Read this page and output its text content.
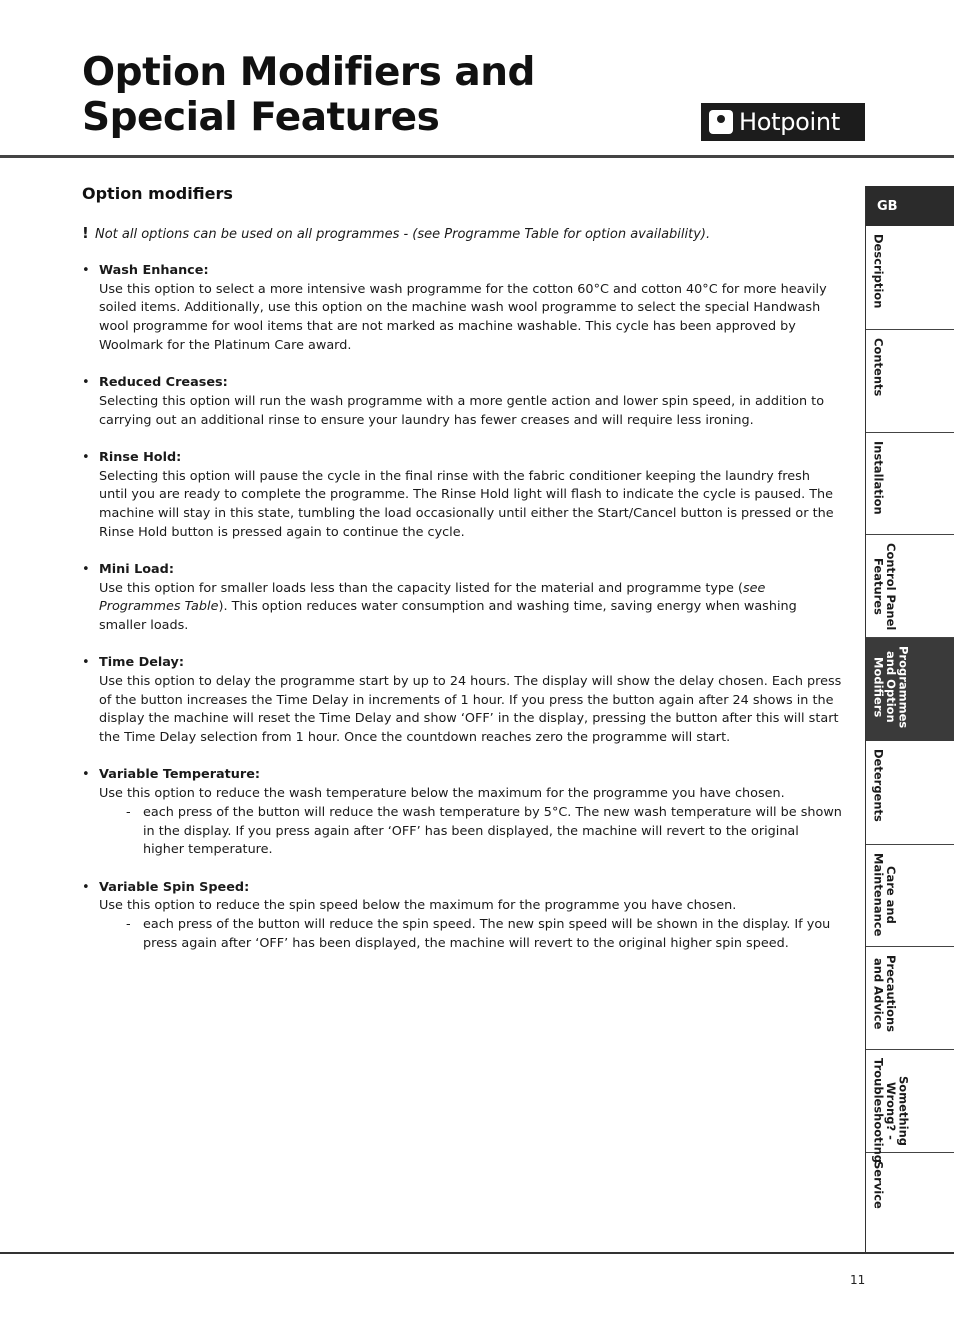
Option Modifiers and
Special Features	Hotpoint
Option modifiers

! Not all options can be used on all programmes - (see Programme Table for option availability).

• Wash Enhance:
Use this option to select a more intensive wash programme for the cotton 60°C and cotton 40°C for more heavily soiled items. Additionally, use this option on the machine wash wool programme to select the special Handwash wool programme for wool items that are not marked as machine washable. This cycle has been approved by Woolmark for the Platinum Care award.
• Reduced Creases:
Selecting this option will run the wash programme with a more gentle action and lower spin speed, in addition to carrying out an additional rinse to ensure your laundry has fewer creases and will require less ironing.
• Rinse Hold:
Selecting this option will pause the cycle in the final rinse with the fabric conditioner keeping the laundry fresh until you are ready to complete the programme. The Rinse Hold light will flash to indicate the cycle is paused. The machine will stay in this state, tumbling the load occasionally until either the Start/Cancel button is pressed or the Rinse Hold button is pressed again to continue the cycle.
• Mini Load:
Use this option for smaller loads less than the capacity listed for the material and programme type (see Programmes Table). This option reduces water consumption and washing time, saving energy when washing smaller loads.
• Time Delay:
Use this option to delay the programme start by up to 24 hours. The display will show the delay chosen. Each press of the button increases the Time Delay in increments of 1 hour. If you press the button again after 24 shows in the display the machine will reset the Time Delay and show ‘OFF’ in the display, pressing the button after this will start the Time Delay selection from 1 hour. Once the countdown reaches zero the programme will start.
• Variable Temperature:
Use this option to reduce the wash temperature below the maximum for the programme you have chosen.
- each press of the button will reduce the wash temperature by 5°C. The new wash temperature will be shown in the display. If you press again after ‘OFF’ has been displayed, the machine will revert to the original higher temperature.
• Variable Spin Speed:
Use this option to reduce the spin speed below the maximum for the programme you have chosen.
- each press of the button will reduce the spin speed. The new spin speed will be shown in the display. If you press again after ‘OFF’ has been displayed, the machine will revert to the original higher spin speed.
GB
Description
Contents
Installation
Control Panel
Features
Programmes
and Option
Modifiers
Detergents
Care and
Maintenance
Precautions
and Advice
Something
Wrong? -
Troubleshooting
Service
11
